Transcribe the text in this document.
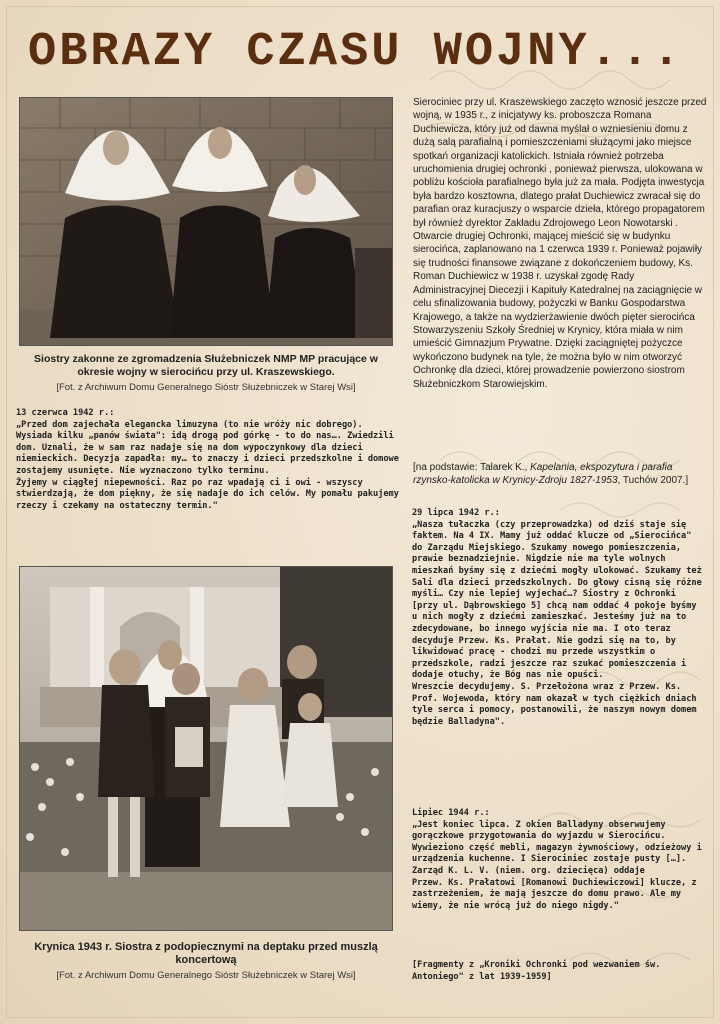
OBRAZY CZASU WOJNY...
Siostry zakonne ze zgromadzenia Służebniczek NMP MP pracujące w okresie wojny w sierocińcu przy ul. Kraszewskiego.
[Fot. z Archiwum Domu Generalnego Sióstr Służebniczek w Starej Wsi]
Sierociniec przy ul. Kraszewskiego zaczęto wznosić jeszcze przed wojną, w 1935 r., z inicjatywy ks. proboszcza Romana Duchiewicza, który już od dawna myślał o wzniesieniu domu z dużą salą parafialną i pomieszczeniami służącymi jako miejsce spotkań organizacji katolickich. Istniała również potrzeba uruchomienia drugiej ochronki , ponieważ pierwsza, ulokowana w pobliżu kościoła parafialnego była już za mała. Podjęta inwestycja była bardzo kosztowna, dlatego prałat Duchiewicz zwracał się do parafian oraz kuracjuszy o wsparcie dzieła, którego propagatorem był również dyrektor Zakładu Zdrojowego Leon Nowotarski . Otwarcie drugiej Ochronki, mającej mieścić się w budynku sierocińca, zaplanowano na 1 czerwca 1939 r. Ponieważ pojawiły się trudności finansowe związane z dokończeniem budowy, Ks. Roman Duchiewicz w 1938 r. uzyskał zgodę Rady Administracyjnej Diecezji i Kapituły Katedralnej na zaciągnięcie w celu sfinalizowania budowy, pożyczki w Banku Gospodarstwa Krajowego, a także na wydzierżawienie dwóch pięter sierocińca Stowarzyszeniu Szkoły Średniej w Krynicy, która miała w nim umieścić Gimnazjum Prywatne. Dzięki zaciągniętej pożyczce wykończono budynek na tyle, że można było w nim otworzyć Ochronkę dla dzieci, której prowadzenie powierzono siostrom Służebniczkom Starowiejskim.
[na podstawie: Talarek K., Kapelania, ekspozytura i parafia rzynsko-katolicka w Krynicy-Zdroju 1827-1953, Tuchów 2007.]
13 czerwca 1942 r.:
„Przed dom zajechała elegancka limuzyna (to nie wróży nic dobrego). Wysiada kilku „panów świata": idą drogą pod górkę - to do nas…. Zwiedzili dom. Uznali, że w sam raz nadaje się na dom wypoczynkowy dla dzieci niemieckich. Decyzja zapadła: my… to znaczy i dzieci przedszkolne i domowe zostajemy usunięte. Nie wyznaczono tylko terminu.
Żyjemy w ciągłej niepewności. Raz po raz wpadają ci i owi - wszyscy stwierdzają, że dom piękny, że się nadaje do ich celów. My pomału pakujemy rzeczy i czekamy na ostateczny termin."
29 lipca 1942 r.:
„Nasza tułaczka (czy przeprowadzka) od dziś staje się faktem. Na 4 IX. Mamy już oddać klucze od „Sierocińca" do Zarządu Miejskiego. Szukamy nowego pomieszczenia, prawie beznadziejnie. Nigdzie nie ma tyle wolnych mieszkań byśmy się z dziećmi mogły ulokować. Szukamy też Sali dla dzieci przedszkolnych. Do głowy cisną się różne myśli… Czy nie lepiej wyjechać…? Siostry z Ochronki [przy ul. Dąbrowskiego 5] chcą nam oddać 4 pokoje byśmy u nich mogły z dziećmi zamieszkać. Jesteśmy już na to zdecydowane, bo innego wyjścia nie ma. I oto teraz decyduje Przew. Ks. Prałat. Nie godzi się na to, by likwidować pracę - chodzi mu przede wszystkim o przedszkole, radzi jeszcze raz szukać pomieszczenia i dodaje otuchy, że Bóg nas nie opuści.
Wreszcie decydujemy. S. Przełożona wraz z Przew. Ks. Prof. Wojewoda, który nam okazał w tych ciężkich dniach tyle serca i pomocy, postanowili, że naszym nowym domem będzie Balladyna".
Krynica 1943 r. Siostra z podopiecznymi na deptaku przed muszlą koncertową
[Fot. z Archiwum Domu Generalnego Sióstr Służebniczek w Starej Wsi]
Lipiec 1944 r.:
„Jest koniec lipca. Z okien Balladyny obserwujemy gorączkowe przygotowania do wyjazdu w Sierocińcu. Wywieziono część mebli, magazyn żywnościowy, odzieżowy i urządzenia kuchenne. I Sierociniec zostaje pusty […]. Zarząd K. L. V. (niem. org. dziecięca) oddaje
Przew. Ks. Prałatowi [Romanowi Duchiewiczowi] klucze, z zastrzeżeniem, że mają jeszcze do domu prawo. Ale my wiemy, że nie wrócą już do niego nigdy."
[Fragmenty z „Kroniki Ochronki pod wezwaniem św. Antoniego" z lat 1939-1959]
